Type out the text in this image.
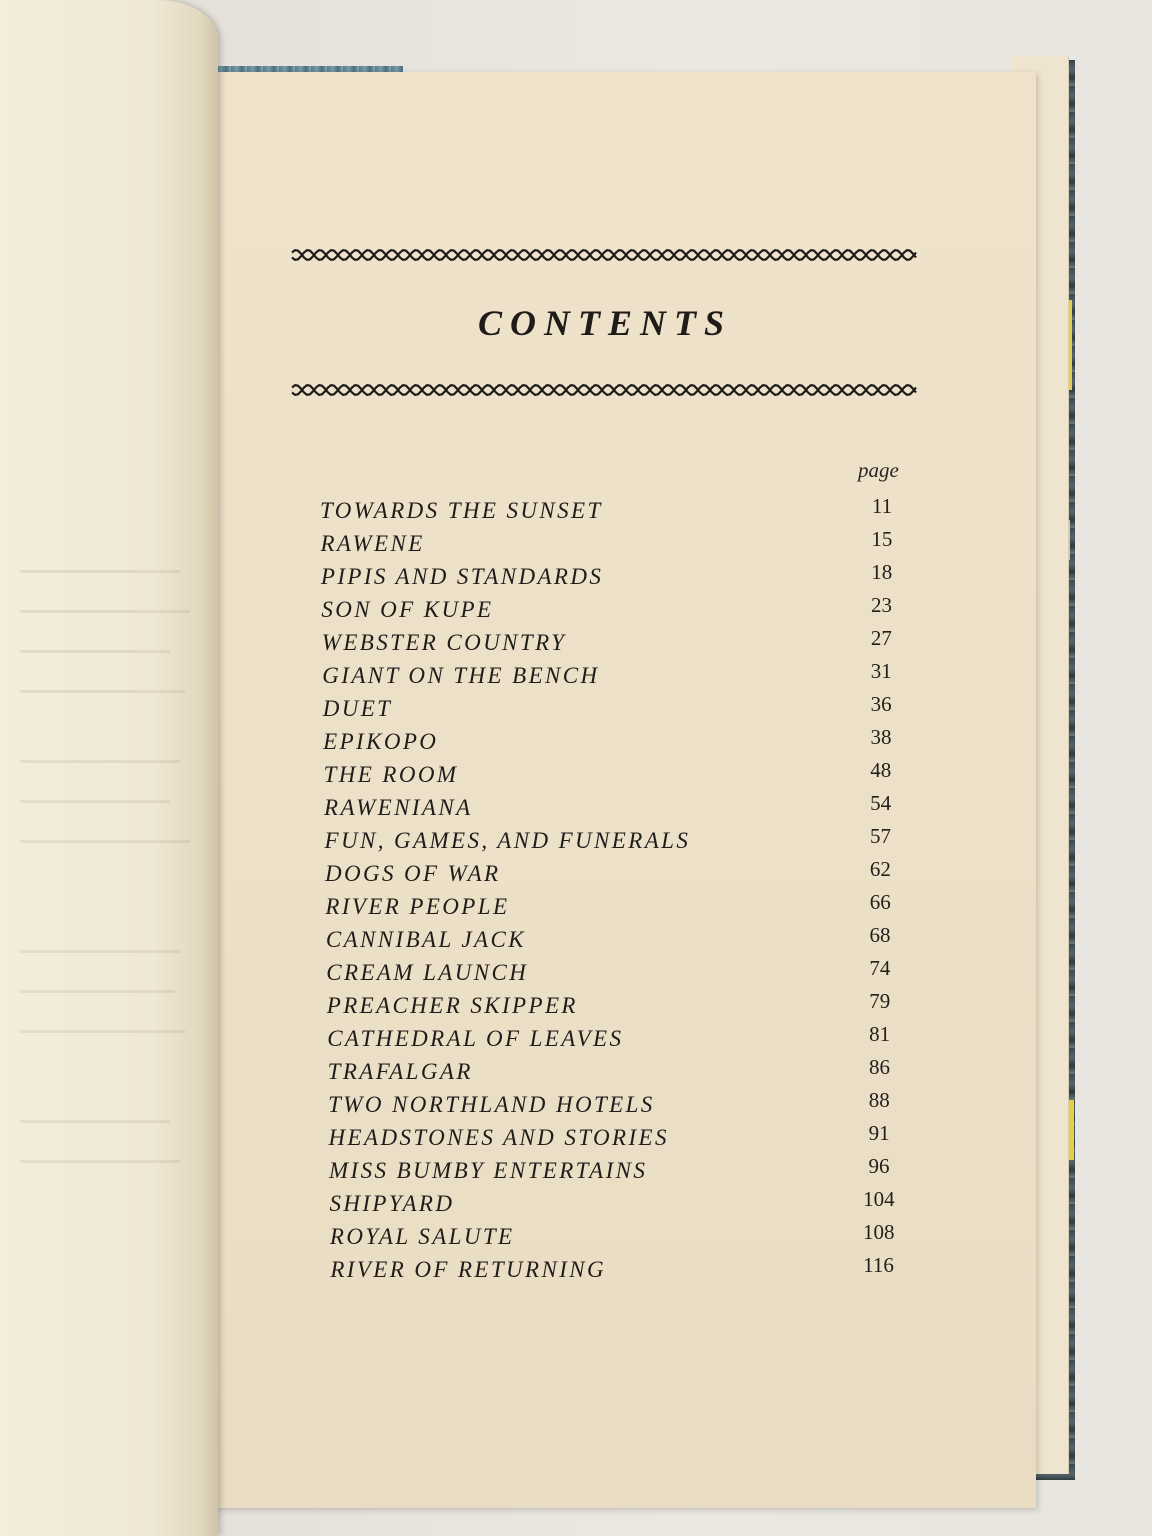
CONTENTS
page
TOWARDS THE SUNSET	11
RAWENE	15
PIPIS AND STANDARDS	18
SON OF KUPE	23
WEBSTER COUNTRY	27
GIANT ON THE BENCH	31
DUET	36
EPIKOPO	38
THE ROOM	48
RAWENIANA	54
FUN, GAMES, AND FUNERALS	57
DOGS OF WAR	62
RIVER PEOPLE	66
CANNIBAL JACK	68
CREAM LAUNCH	74
PREACHER SKIPPER	79
CATHEDRAL OF LEAVES	81
TRAFALGAR	86
TWO NORTHLAND HOTELS	88
HEADSTONES AND STORIES	91
MISS BUMBY ENTERTAINS	96
SHIPYARD	104
ROYAL SALUTE	108
RIVER OF RETURNING	116
